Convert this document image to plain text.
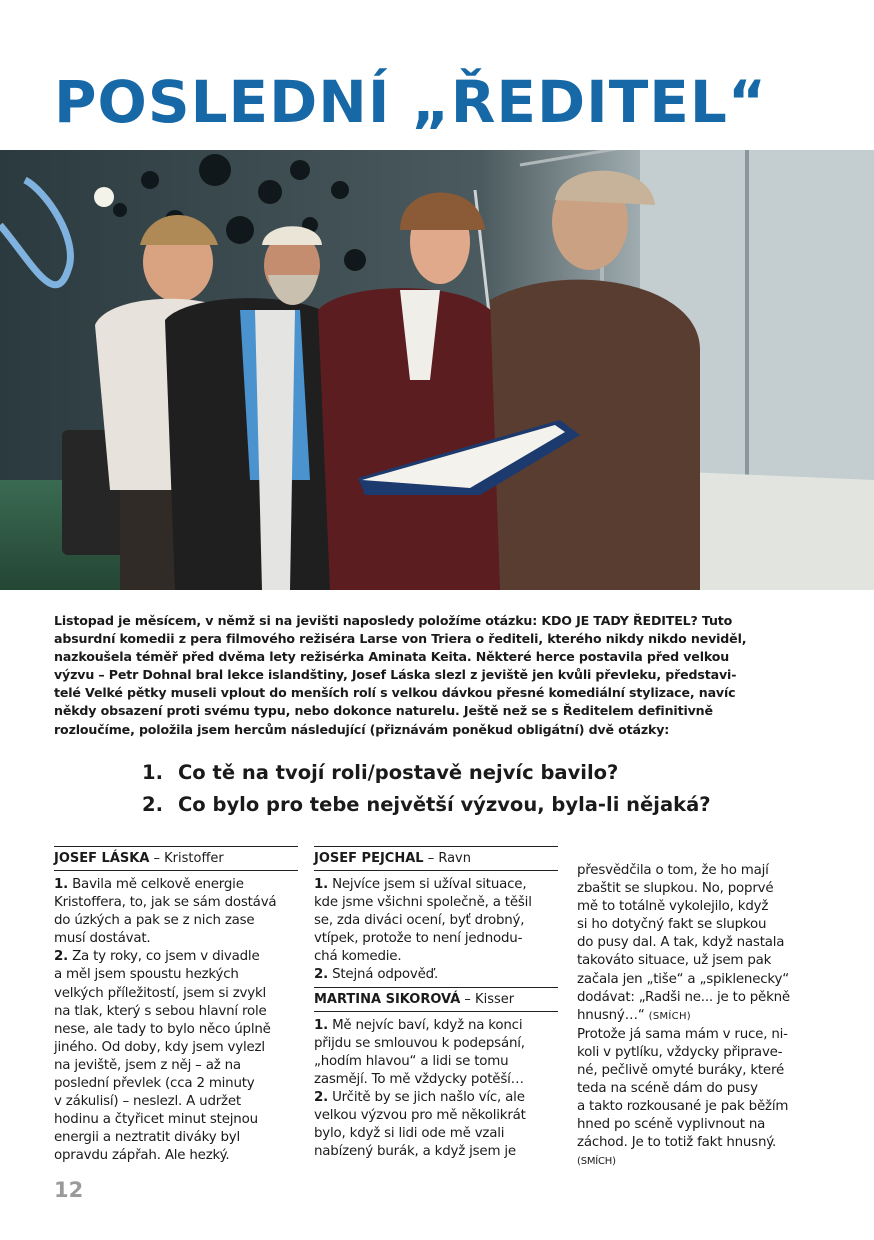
POSLEDNÍ „ŘEDITEL“

Listopad je měsícem, v němž si na jevišti naposledy položíme otázku: KDO JE TADY ŘEDITEL? Tuto
absurdní komedii z pera filmového režiséra Larse von Triera o řediteli, kterého nikdy nikdo neviděl,
nazkoušela téměř před dvěma lety režisérka Aminata Keita. Některé herce postavila před velkou
výzvu – Petr Dohnal bral lekce islandštiny, Josef Láska slezl z jeviště jen kvůli převleku, představi-
telé Velké pětky museli vplout do menších rolí s velkou dávkou přesné komediální stylizace, navíc
někdy obsazení proti svému typu, nebo dokonce naturelu. Ještě než se s Ředitelem definitivně
rozloučíme, položila jsem hercům následující (přiznávám poněkud obligátní) dvě otázky:

1. Co tě na tvojí roli/postavě nejvíc bavilo?
2. Co bylo pro tebe největší výzvou, byla-li nějaká?
JOSEF LÁSKA – Kristoffer
1. Bavila mě celkově energie
Kristoffera, to, jak se sám dostává
do úzkých a pak se z nich zase
musí dostávat.
2. Za ty roky, co jsem v divadle
a měl jsem spoustu hezkých
velkých příležitostí, jsem si zvykl
na tlak, který s sebou hlavní role
nese, ale tady to bylo něco úplně
jiného. Od doby, kdy jsem vylezl
na jeviště, jsem z něj – až na
poslední převlek (cca 2 minuty
v zákulisí) – neslezl. A udržet
hodinu a čtyřicet minut stejnou
energii a neztratit diváky byl
opravdu zápřah. Ale hezký.
JOSEF PEJCHAL – Ravn
1. Nejvíce jsem si užíval situace,
kde jsme všichni společně, a těšil
se, zda diváci ocení, byť drobný,
vtípek, protože to není jednodu-
chá komedie.
2. Stejná odpověď.
MARTINA SIKOROVÁ – Kisser
1. Mě nejvíc baví, když na konci
přijdu se smlouvou k podepsání,
„hodím hlavou“ a lidi se tomu
zasmějí. To mě vždycky potěší…
2. Určitě by se jich našlo víc, ale
velkou výzvou pro mě několikrát
bylo, když si lidi ode mě vzali
nabízený burák, a když jsem je
přesvědčila o tom, že ho mají
zbaštit se slupkou. No, poprvé
mě to totálně vykolejilo, když
si ho dotyčný fakt se slupkou
do pusy dal. A tak, když nastala
takováto situace, už jsem pak
začala jen „tiše“ a „spiklenecky“
dodávat: „Radši ne... je to pěkně
hnusný…“ (SMÍCH)
Protože já sama mám v ruce, ni-
koli v pytlíku, vždycky připrave-
né, pečlivě omyté buráky, které
teda na scéně dám do pusy
a takto rozkousané je pak běžím
hned po scéně vyplivnout na
záchod. Je to totiž fakt hnusný.
(SMÍCH)
12
